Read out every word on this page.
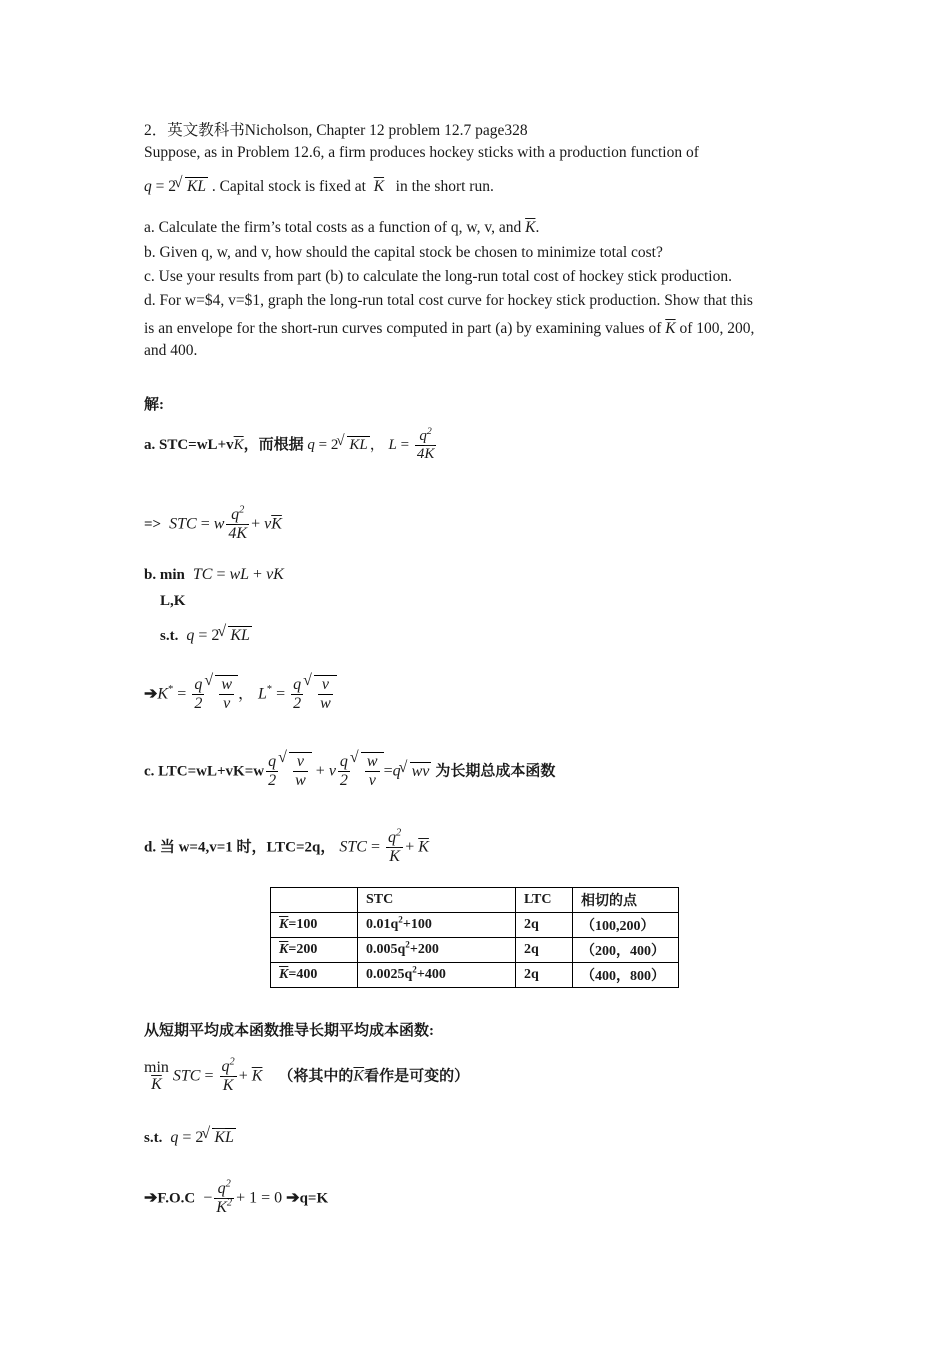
2．英文教科书Nicholson, Chapter 12 problem 12.7 page328
Suppose, as in Problem 12.6, a firm produces hockey sticks with a production function of
q = 2 √ KL . Capital stock is fixed at $\overline{K}$ in the short run.
a. Calculate the firm’s total costs as a function of q, w, v, and $\overline{K}$.
b. Given q, w, and v, how should the capital stock be chosen to minimize total cost?
c. Use your results from part (b) to calculate the long-run total cost of hockey stick production.
d. For w=$4, v=$1, graph the long-run total cost curve for hockey stick production. Show that this
is an envelope for the short-run curves computed in part (a) by examining values of $\overline{K}$ of 100, 200,
and 400.
解:
a. $STC=wL+v\overline{K}$，而根据 q = 2 √ KL ， $L = \frac{q^2}{4\overline{K}}$
=> STC = w $\frac{q^2}{4\overline{K}} + v\overline{K}$
b. min TC = wL + vK
L,K
s.t. q = 2 √ KL
➔K* = $\frac{q}{2}$ √ $\frac{w}{v}$ ， $L^* = \frac{q}{2}$ √ $\frac{v}{w}$
c. $LTC=wL+vK=w \frac{q}{2}$ √ $\frac{v}{w} + v \frac{q}{2}$ √ $\frac{w}{v} =q$ √ wv 为长期总成本函数
d. 当 w=4,v=1 时，LTC=2q， STC = $\frac{q^2}{K} + \overline{K}$
	STC	LTC	相切的点
$\overline{K}=100$	$0.01q^2+100$	2q	（100,200）
$\overline{K}=200$	$0.005q^2+200$	2q	（200，400）
$\overline{K}=400$	$0.0025q^2+400$	2q	（400，800）
从短期平均成本函数推导长期平均成本函数:
min
$\overline{K}$ STC = $\frac{q^2}{K} + \overline{K}$ （将其中的$\overline{K}$看作是可变的）
s.t. q = 2 √ $\overline{K}L$
➔F.O.C  − $\frac{q^2}{\overline{K}^2} + 1 = 0$ ➔q=K
